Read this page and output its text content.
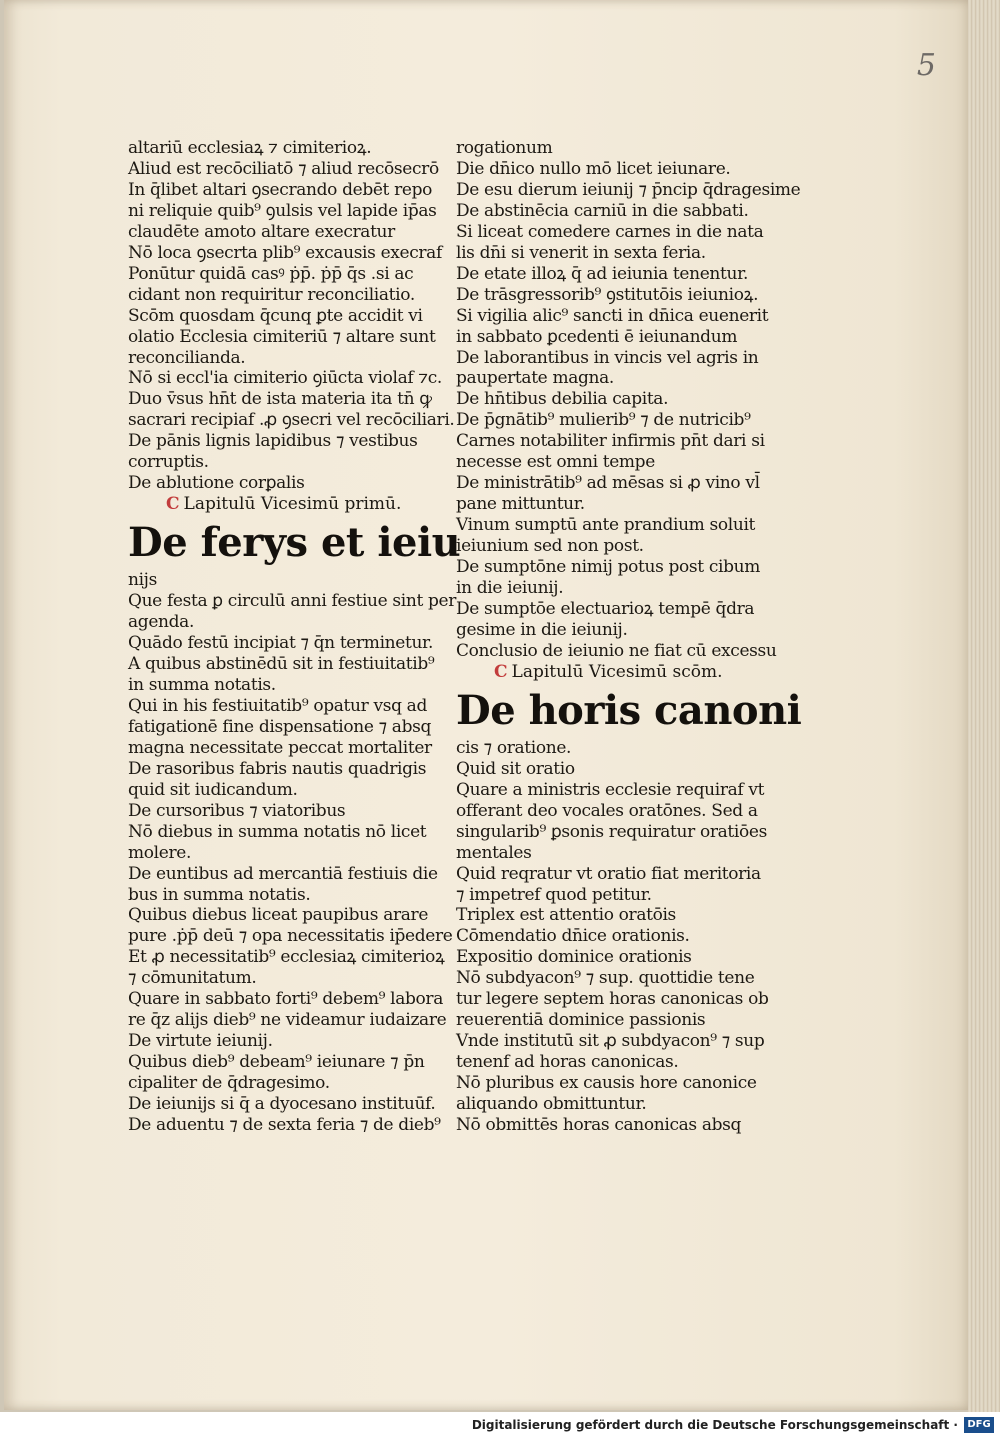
5
altariū ecclesiaꝝ ⁊ cimiterioꝝ.
Aliud est recōciliatō ⁊ aliud recōsecrō
In q̄libet altari ꝯsecrando debēt repo
ni reliquie quib⁹ ꝯulsis vel lapide ip̄as
claudēte amoto altare execratur
Nō loca ꝯsecrta plib⁹ excausis execraf
Ponūtur quidā casꝰ ṗp̄. ṗp̄ q̄s .si ac
cidant non requiritur reconciliatio.
Scōm quosdam q̄cunq ꝑte accidit vi
olatio Ecclesia cimiteriū ⁊ altare sunt
reconcilianda.
Nō si eccl'ia cimiterio ꝯiūcta violaf ⁊c.
Duo v̄sus hn̄t de ista materia ita tn̄ ꝙ
sacrari recipiaf .ꝓ ꝯsecri vel recōciliari.
De pānis lignis lapidibus ⁊ vestibus
corruptis.
De ablutione corꝑalis
C Lapitulū Vicesimū primū.
De ferys et ieiu
nijs
Que festa ꝑ circulū anni festiue sint per
agenda.
Quādo festū incipiat ⁊ q̄n terminetur.
A quibus abstinēdū sit in festiuitatib⁹
in summa notatis.
Qui in his festiuitatib⁹ opatur vsq ad
fatigationē fine dispensatione ⁊ absq
magna necessitate peccat mortaliter
De rasoribus fabris nautis quadrigis
quid sit iudicandum.
De cursoribus ⁊ viatoribus
Nō diebus in summa notatis nō licet
molere.
De euntibus ad mercantiā festiuis die
bus in summa notatis.
Quibus diebus liceat paupibus arare
pure .ṗp̄ deū ⁊ opa necessitatis ip̄edere
Et ꝓ necessitatib⁹ ecclesiaꝝ cimiterioꝝ
⁊ cōmunitatum.
Quare in sabbato forti⁹ debem⁹ labora
re q̄z alijs dieb⁹ ne videamur iudaizare
De virtute ieiunij.
Quibus dieb⁹ debeam⁹ ieiunare ⁊ p̄n
cipaliter de q̄dragesimo.
De ieiunijs si q̄ a dyocesano instituūf.
De aduentu ⁊ de sexta feria ⁊ de dieb⁹
rogationum
Die dn̄ico nullo mō licet ieiunare.
De esu dierum ieiunij ⁊ p̄ncip q̄dragesime
De abstinēcia carniū in die sabbati.
Si liceat comedere carnes in die nata
lis dn̄i si venerit in sexta feria.
De etate illoꝝ q̄ ad ieiunia tenentur.
De trāsgressorib⁹ ꝯstitutōis ieiunioꝝ.
Si vigilia alic⁹ sancti in dn̄ica euenerit
in sabbato ꝑcedenti ē ieiunandum
De laborantibus in vincis vel agris in
paupertate magna.
De hn̄tibus debilia capita.
De p̄gnātib⁹ mulierib⁹ ⁊ de nutricib⁹
Carnes notabiliter infirmis pn̄t dari si
necesse est omni tempe
De ministrātib⁹ ad mēsas si ꝓ vino vl̄
pane mittuntur.
Vinum sumptū ante prandium soluit
ieiunium sed non post.
De sumptōne nimij potus post cibum
in die ieiunij.
De sumptōe electuarioꝝ tempē q̄dra
gesime in die ieiunij.
Conclusio de ieiunio ne fiat cū excessu
C Lapitulū Vicesimū scōm.
De horis canoni
cis ⁊ oratione.
Quid sit oratio
Quare a ministris ecclesie requiraf vt
offerant deo vocales oratōnes. Sed a
singularib⁹ ꝑsonis requiratur oratiōes
mentales
Quid reqratur vt oratio fiat meritoria
⁊ impetref quod petitur.
Triplex est attentio oratōis
Cōmendatio dn̄ice orationis.
Expositio dominice orationis
Nō subdyacon⁹ ⁊ sup. quottidie tene
tur legere septem horas canonicas ob
reuerentiā dominice passionis
Vnde institutū sit ꝓ subdyacon⁹ ⁊ sup
tenenf ad horas canonicas.
Nō pluribus ex causis hore canonice
aliquando obmittuntur.
Nō obmittēs horas canonicas absq
Digitalisierung gefördert durch die Deutsche Forschungsgemeinschaft · DFG
